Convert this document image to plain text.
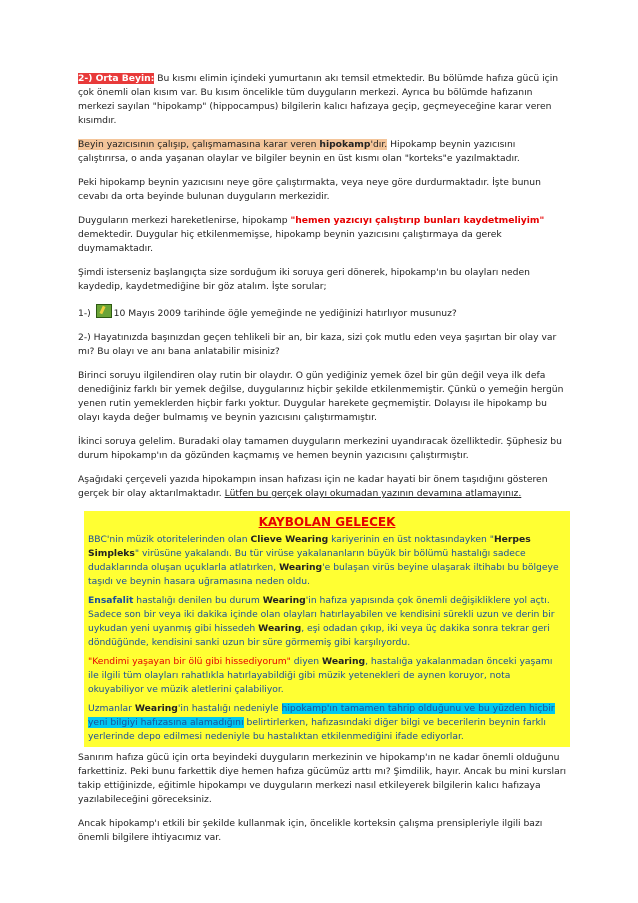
2-) Orta Beyin: Bu kısmı elimin içindeki yumurtanın akı temsil etmektedir. Bu bölümde hafıza gücü için çok önemli olan kısım var. Bu kısım öncelikle tüm duyguların merkezi. Ayrıca bu bölümde hafızanın merkezi sayılan "hipokamp" (hippocampus) bilgilerin kalıcı hafızaya geçip, geçmeyeceğine karar veren kısımdır.

Beyin yazıcısının çalışıp, çalışmamasına karar veren hipokamp'dır. Hipokamp beynin yazıcısını çalıştırırsa, o anda yaşanan olaylar ve bilgiler beynin en üst kısmı olan "korteks"e yazılmaktadır.

Peki hipokamp beynin yazıcısını neye göre çalıştırmakta, veya neye göre durdurmaktadır. İşte bunun cevabı da orta beyinde bulunan duyguların merkezidir.

Duyguların merkezi hareketlenirse, hipokamp "hemen yazıcıyı çalıştırıp bunları kaydetmeliyim" demektedir. Duygular hiç etkilenmemişse, hipokamp beynin yazıcısını çalıştırmaya da gerek duymamaktadır.

Şimdi isterseniz başlangıçta size sorduğum iki soruya geri dönerek, hipokamp'ın bu olayları neden kaydedip, kaydetmediğine bir göz atalım. İşte sorular;

1-) 10 Mayıs 2009 tarihinde öğle yemeğinde ne yediğinizi hatırlıyor musunuz?

2-) Hayatınızda başınızdan geçen tehlikeli bir an, bir kaza, sizi çok mutlu eden veya şaşırtan bir olay var mı? Bu olayı ve anı bana anlatabilir misiniz?

Birinci soruyu ilgilendiren olay rutin bir olaydır. O gün yediğiniz yemek özel bir gün değil veya ilk defa denediğiniz farklı bir yemek değilse, duygularınız hiçbir şekilde etkilenmemiştir. Çünkü o yemeğin hergün yenen rutin yemeklerden hiçbir farkı yoktur. Duygular harekete geçmemiştir. Dolayısı ile hipokamp bu olayı kayda değer bulmamış ve beynin yazıcısını çalıştırmamıştır.

İkinci soruya gelelim. Buradaki olay tamamen duyguların merkezini uyandıracak özelliktedir. Şüphesiz bu durum hipokamp'ın da gözünden kaçmamış ve hemen beynin yazıcısını çalıştırmıştır.

Aşağıdaki çerçeveli yazıda hipokampın insan hafızası için ne kadar hayati bir önem taşıdığını gösteren gerçek bir olay aktarılmaktadır. Lütfen bu gerçek olayı okumadan yazının devamına atlamayınız.

KAYBOLAN GELECEK

BBC'nin müzik otoritelerinden olan Clieve Wearing kariyerinin en üst noktasındayken "Herpes Simpleks" virüsüne yakalandı. Bu tür virüse yakalananların büyük bir bölümü hastalığı sadece dudaklarında oluşan uçuklarla atlatırken, Wearing'e bulaşan virüs beyine ulaşarak iltihabı bu bölgeye taşıdı ve beynin hasara uğramasına neden oldu.

Ensafalit hastalığı denilen bu durum Wearing'in hafıza yapısında çok önemli değişikliklere yol açtı. Sadece son bir veya iki dakika içinde olan olayları hatırlayabilen ve kendisini sürekli uzun ve derin bir uykudan yeni uyanmış gibi hissedeh Wearing, eşi odadan çıkıp, iki veya üç dakika sonra tekrar geri döndüğünde, kendisini sanki uzun bir süre görmemiş gibi karşılıyordu.

"Kendimi yaşayan bir ölü gibi hissediyorum" diyen Wearing, hastalığa yakalanmadan önceki yaşamı ile ilgili tüm olayları rahatlıkla hatırlayabildiği gibi müzik yetenekleri de aynen koruyor, nota okuyabiliyor ve müzik aletlerini çalabiliyor.

Uzmanlar Wearing'in hastalığı nedeniyle hipokamp'ın tamamen tahrip olduğunu ve bu yüzden hiçbir yeni bilgiyi hafızasına alamadığını belirtirlerken, hafızasındaki diğer bilgi ve becerilerin beynin farklı yerlerinde depo edilmesi nedeniyle bu hastalıktan etkilenmediğini ifade ediyorlar.

Sanırım hafıza gücü için orta beyindeki duyguların merkezinin ve hipokamp'ın ne kadar önemli olduğunu farkettiniz. Peki bunu farkettik diye hemen hafıza gücümüz arttı mı? Şimdilik, hayır. Ancak bu mini kursları takip ettiğinizde, eğitimle hipokampı ve duyguların merkezi nasıl etkileyerek bilgilerin kalıcı hafızaya yazılabileceğini göreceksiniz.

Ancak hipokamp'ı etkili bir şekilde kullanmak için, öncelikle korteksin çalışma prensipleriyle ilgili bazı önemli bilgilere ihtiyacımız var.
